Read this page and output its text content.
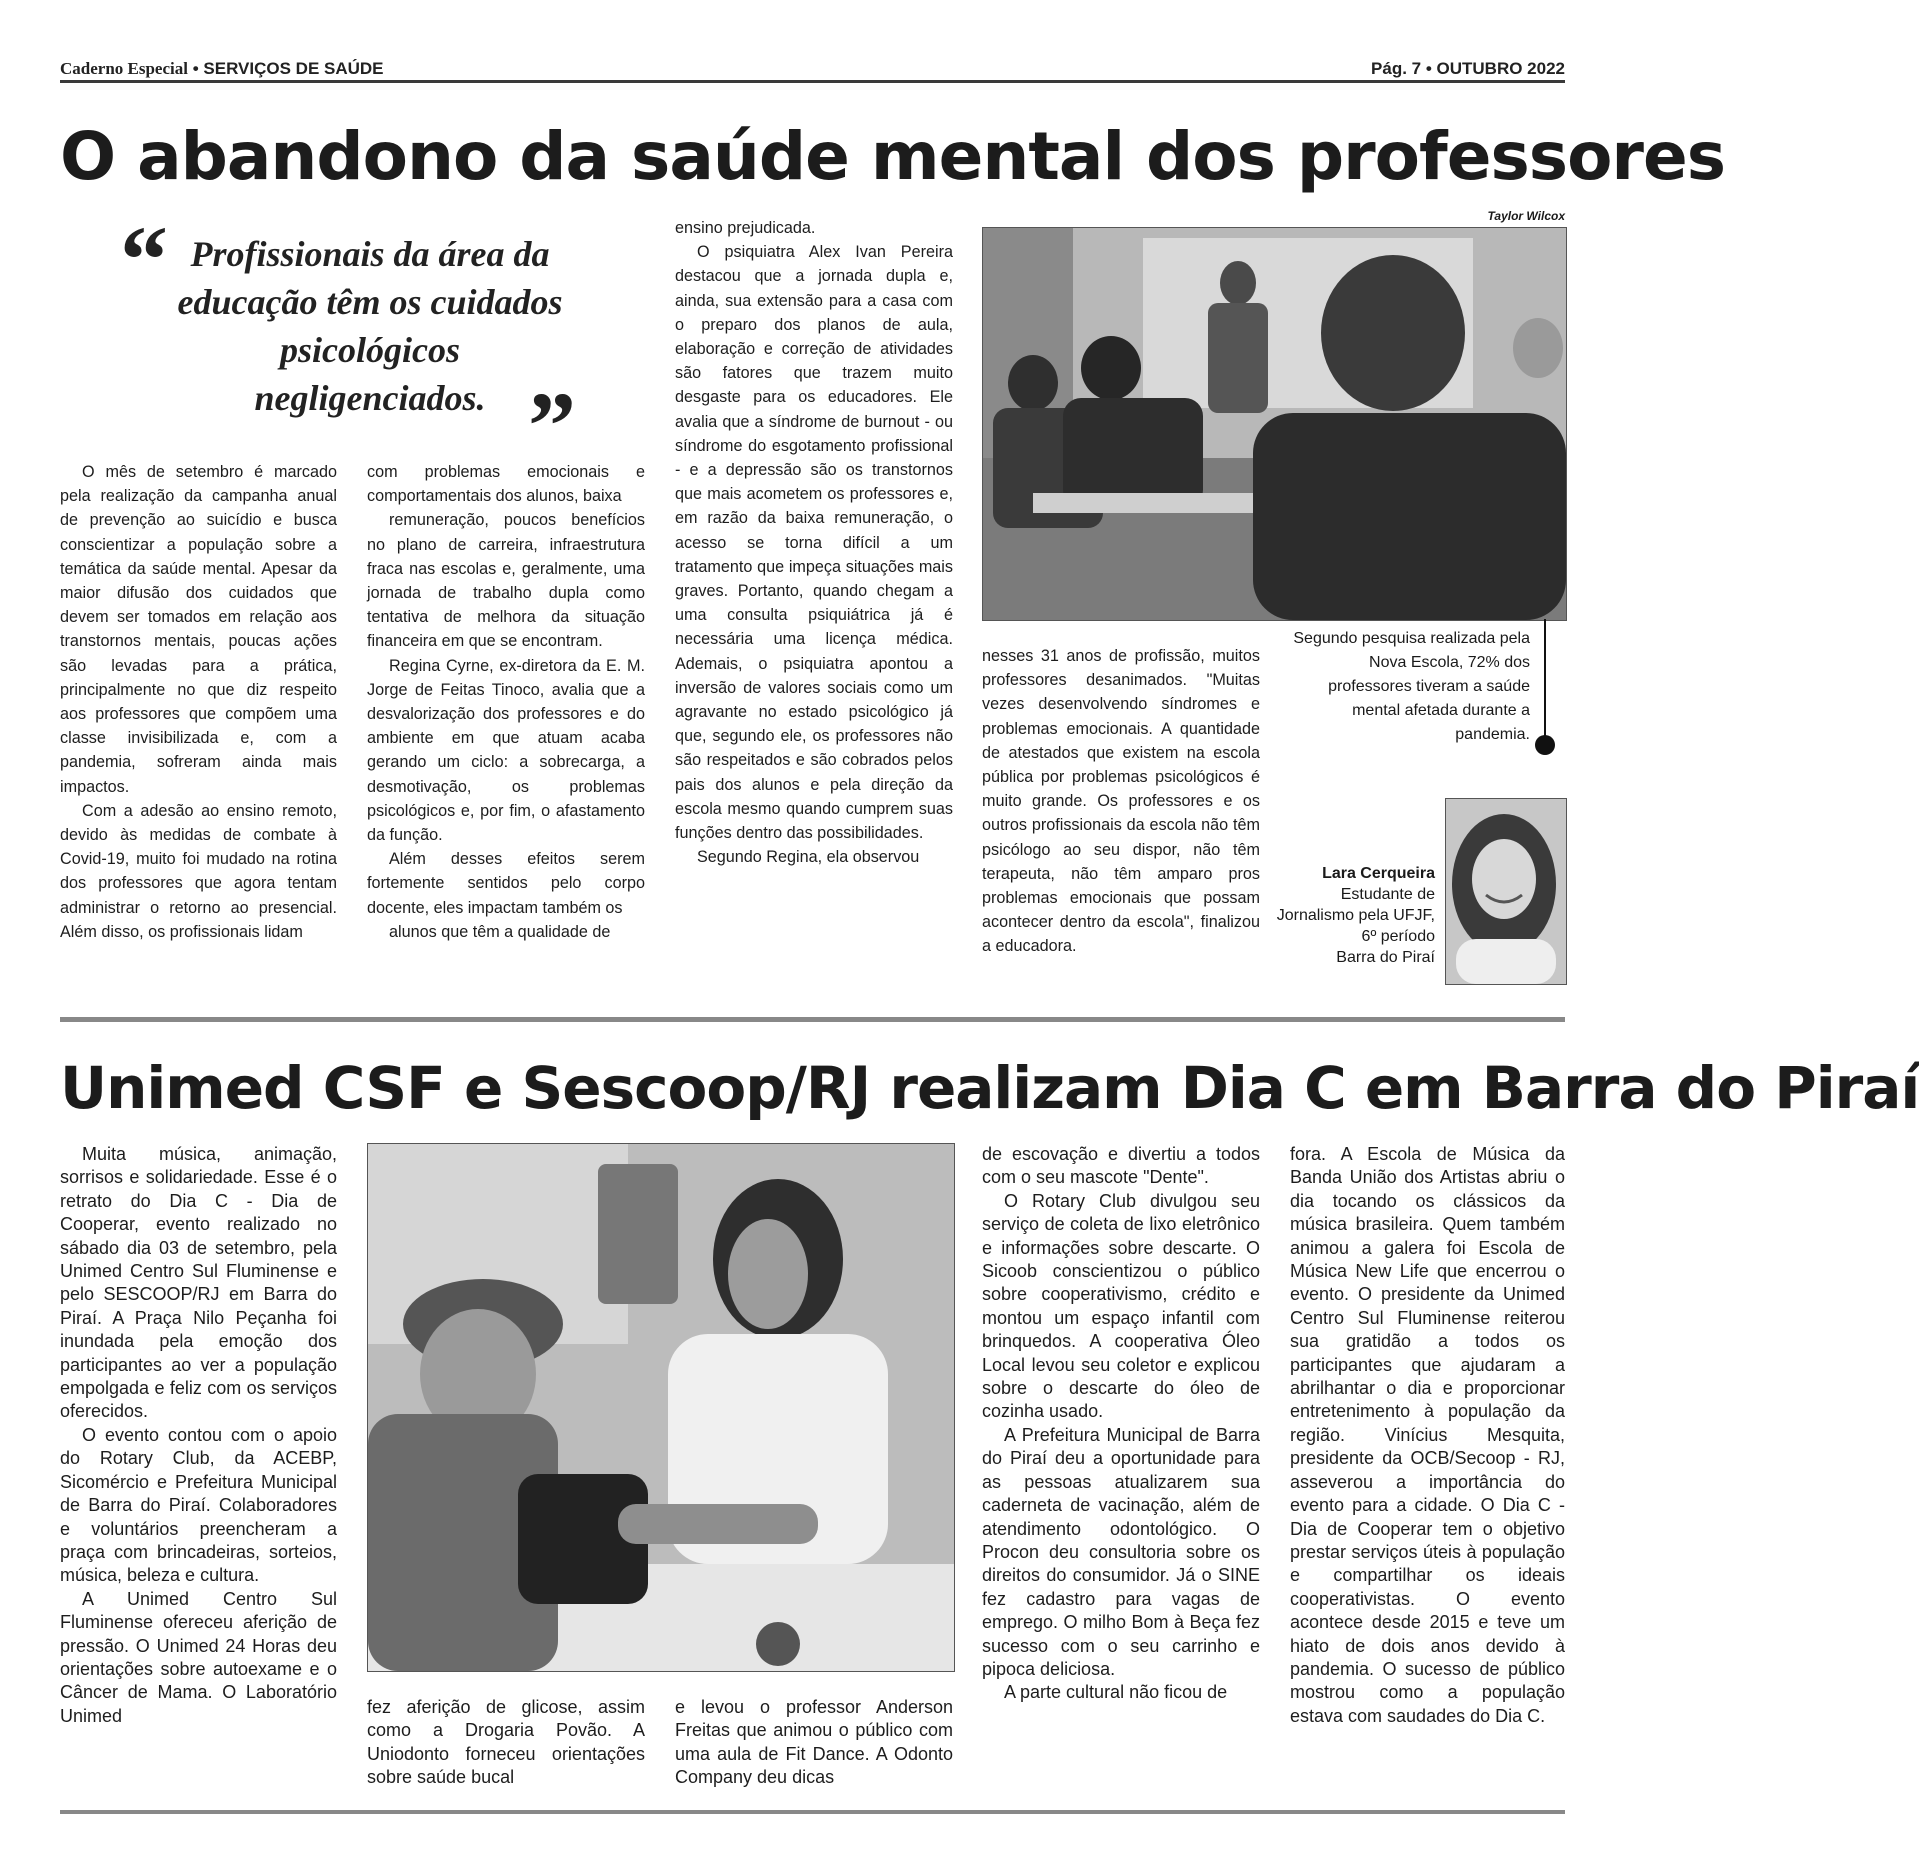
Caderno Especial • SERVIÇOS DE SAÚDE	Pág. 7 • OUTUBRO 2022
O abandono da saúde mental dos professores
“ Profissionais da área da educação têm os cuidados psicológicos negligenciados. ”

O mês de setembro é marcado pela realização da campanha anual de prevenção ao suicídio e busca conscientizar a população sobre a temática da saúde mental. Apesar da maior difusão dos cuidados que devem ser tomados em relação aos transtornos mentais, poucas ações são levadas para a prática, principalmente no que diz respeito aos professores que compõem uma classe invisibilizada e, com a pandemia, sofreram ainda mais impactos.

Com a adesão ao ensino remoto, devido às medidas de combate à Covid-19, muito foi mudado na rotina dos professores que agora tentam administrar o retorno ao presencial. Além disso, os profissionais lidam

com problemas emocionais e comportamentais dos alunos, baixa

remuneração, poucos benefícios no plano de carreira, infraestrutura fraca nas escolas e, geralmente, uma jornada de trabalho dupla como tentativa de melhora da situação financeira em que se encontram.

Regina Cyrne, ex-diretora da E. M. Jorge de Feitas Tinoco, avalia que a desvalorização dos professores e do ambiente em que atuam acaba gerando um ciclo: a sobrecarga, a desmotivação, os problemas psicológicos e, por fim, o afastamento da função.

Além desses efeitos serem fortemente sentidos pelo corpo docente, eles impactam também os

alunos que têm a qualidade de

ensino prejudicada.

O psiquiatra Alex Ivan Pereira destacou que a jornada dupla e, ainda, sua extensão para a casa com o preparo dos planos de aula, elaboração e correção de atividades são fatores que trazem muito desgaste para os educadores. Ele avalia que a síndrome de burnout - ou síndrome do esgotamento profissional - e a depressão são os transtornos que mais acometem os professores e, em razão da baixa remuneração, o acesso se torna difícil a um tratamento que impeça situações mais graves. Portanto, quando chegam a uma consulta psiquiátrica já é necessária uma licença médica. Ademais, o psiquiatra apontou a inversão de valores sociais como um agravante no estado psicológico já que, segundo ele, os professores não são respeitados e são cobrados pelos pais dos alunos e pela direção da escola mesmo quando cumprem suas funções dentro das possibilidades.

Segundo Regina, ela observou

nesses 31 anos de profissão, muitos professores desanimados. "Muitas vezes desenvolvendo síndromes e problemas emocionais. A quantidade de atestados que existem na escola pública por problemas psicológicos é muito grande. Os professores e os outros profissionais da escola não têm psicólogo ao seu dispor, não têm terapeuta, não têm amparo pros problemas emocionais que possam acontecer dentro da escola", finalizou a educadora.

Taylor Wilcox
Segundo pesquisa realizada pela Nova Escola, 72% dos professores tiveram a saúde mental afetada durante a pandemia.
Lara Cerqueira
Estudante de Jornalismo pela UFJF, 6º período
Barra do Piraí
Unimed CSF e Sescoop/RJ realizam Dia C em Barra do Piraí

Muita música, animação, sorrisos e solidariedade. Esse é o retrato do Dia C - Dia de Cooperar, evento realizado no sábado dia 03 de setembro, pela Unimed Centro Sul Fluminense e pelo SESCOOP/RJ em Barra do Piraí. A Praça Nilo Peçanha foi inundada pela emoção dos participantes ao ver a população empolgada e feliz com os serviços oferecidos.

O evento contou com o apoio do Rotary Club, da ACEBP, Sicomércio e Prefeitura Municipal de Barra do Piraí. Colaboradores e voluntários preencheram a praça com brincadeiras, sorteios, música, beleza e cultura.

A Unimed Centro Sul Fluminense ofereceu aferição de pressão. O Unimed 24 Horas deu orientações sobre autoexame e o Câncer de Mama. O Laboratório Unimed	fez aferição de glicose, assim como a Drogaria Povão. A Uniodonto forneceu orientações sobre saúde bucal

e levou o professor Anderson Freitas que animou o público com uma aula de Fit Dance. A Odonto Company deu dicas

de escovação e divertiu a todos com o seu mascote "Dente".

O Rotary Club divulgou seu serviço de coleta de lixo eletrônico e informações sobre descarte. O Sicoob conscientizou o público sobre cooperativismo, crédito e montou um espaço infantil com brinquedos. A cooperativa Óleo Local levou seu coletor e explicou sobre o descarte do óleo de cozinha usado.

A Prefeitura Municipal de Barra do Piraí deu a oportunidade para as pessoas atualizarem sua caderneta de vacinação, além de atendimento odontológico. O Procon deu consultoria sobre os direitos do consumidor. Já o SINE fez cadastro para vagas de emprego. O milho Bom à Beça fez sucesso com o seu carrinho e pipoca deliciosa.

A parte cultural não ficou de

fora. A Escola de Música da Banda União dos Artistas abriu o dia tocando os clássicos da música brasileira. Quem também animou a galera foi Escola de Música New Life que encerrou o evento. O presidente da Unimed Centro Sul Fluminense reiterou sua gratidão a todos os participantes que ajudaram a abrilhantar o dia e proporcionar entretenimento à população da região. Vinícius Mesquita, presidente da OCB/Secoop - RJ, asseverou a importância do evento para a cidade. O Dia C - Dia de Cooperar tem o objetivo prestar serviços úteis à população e compartilhar os ideais cooperativistas. O evento acontece desde 2015 e teve um hiato de dois anos devido à pandemia. O sucesso de público mostrou como a população estava com saudades do Dia C.
